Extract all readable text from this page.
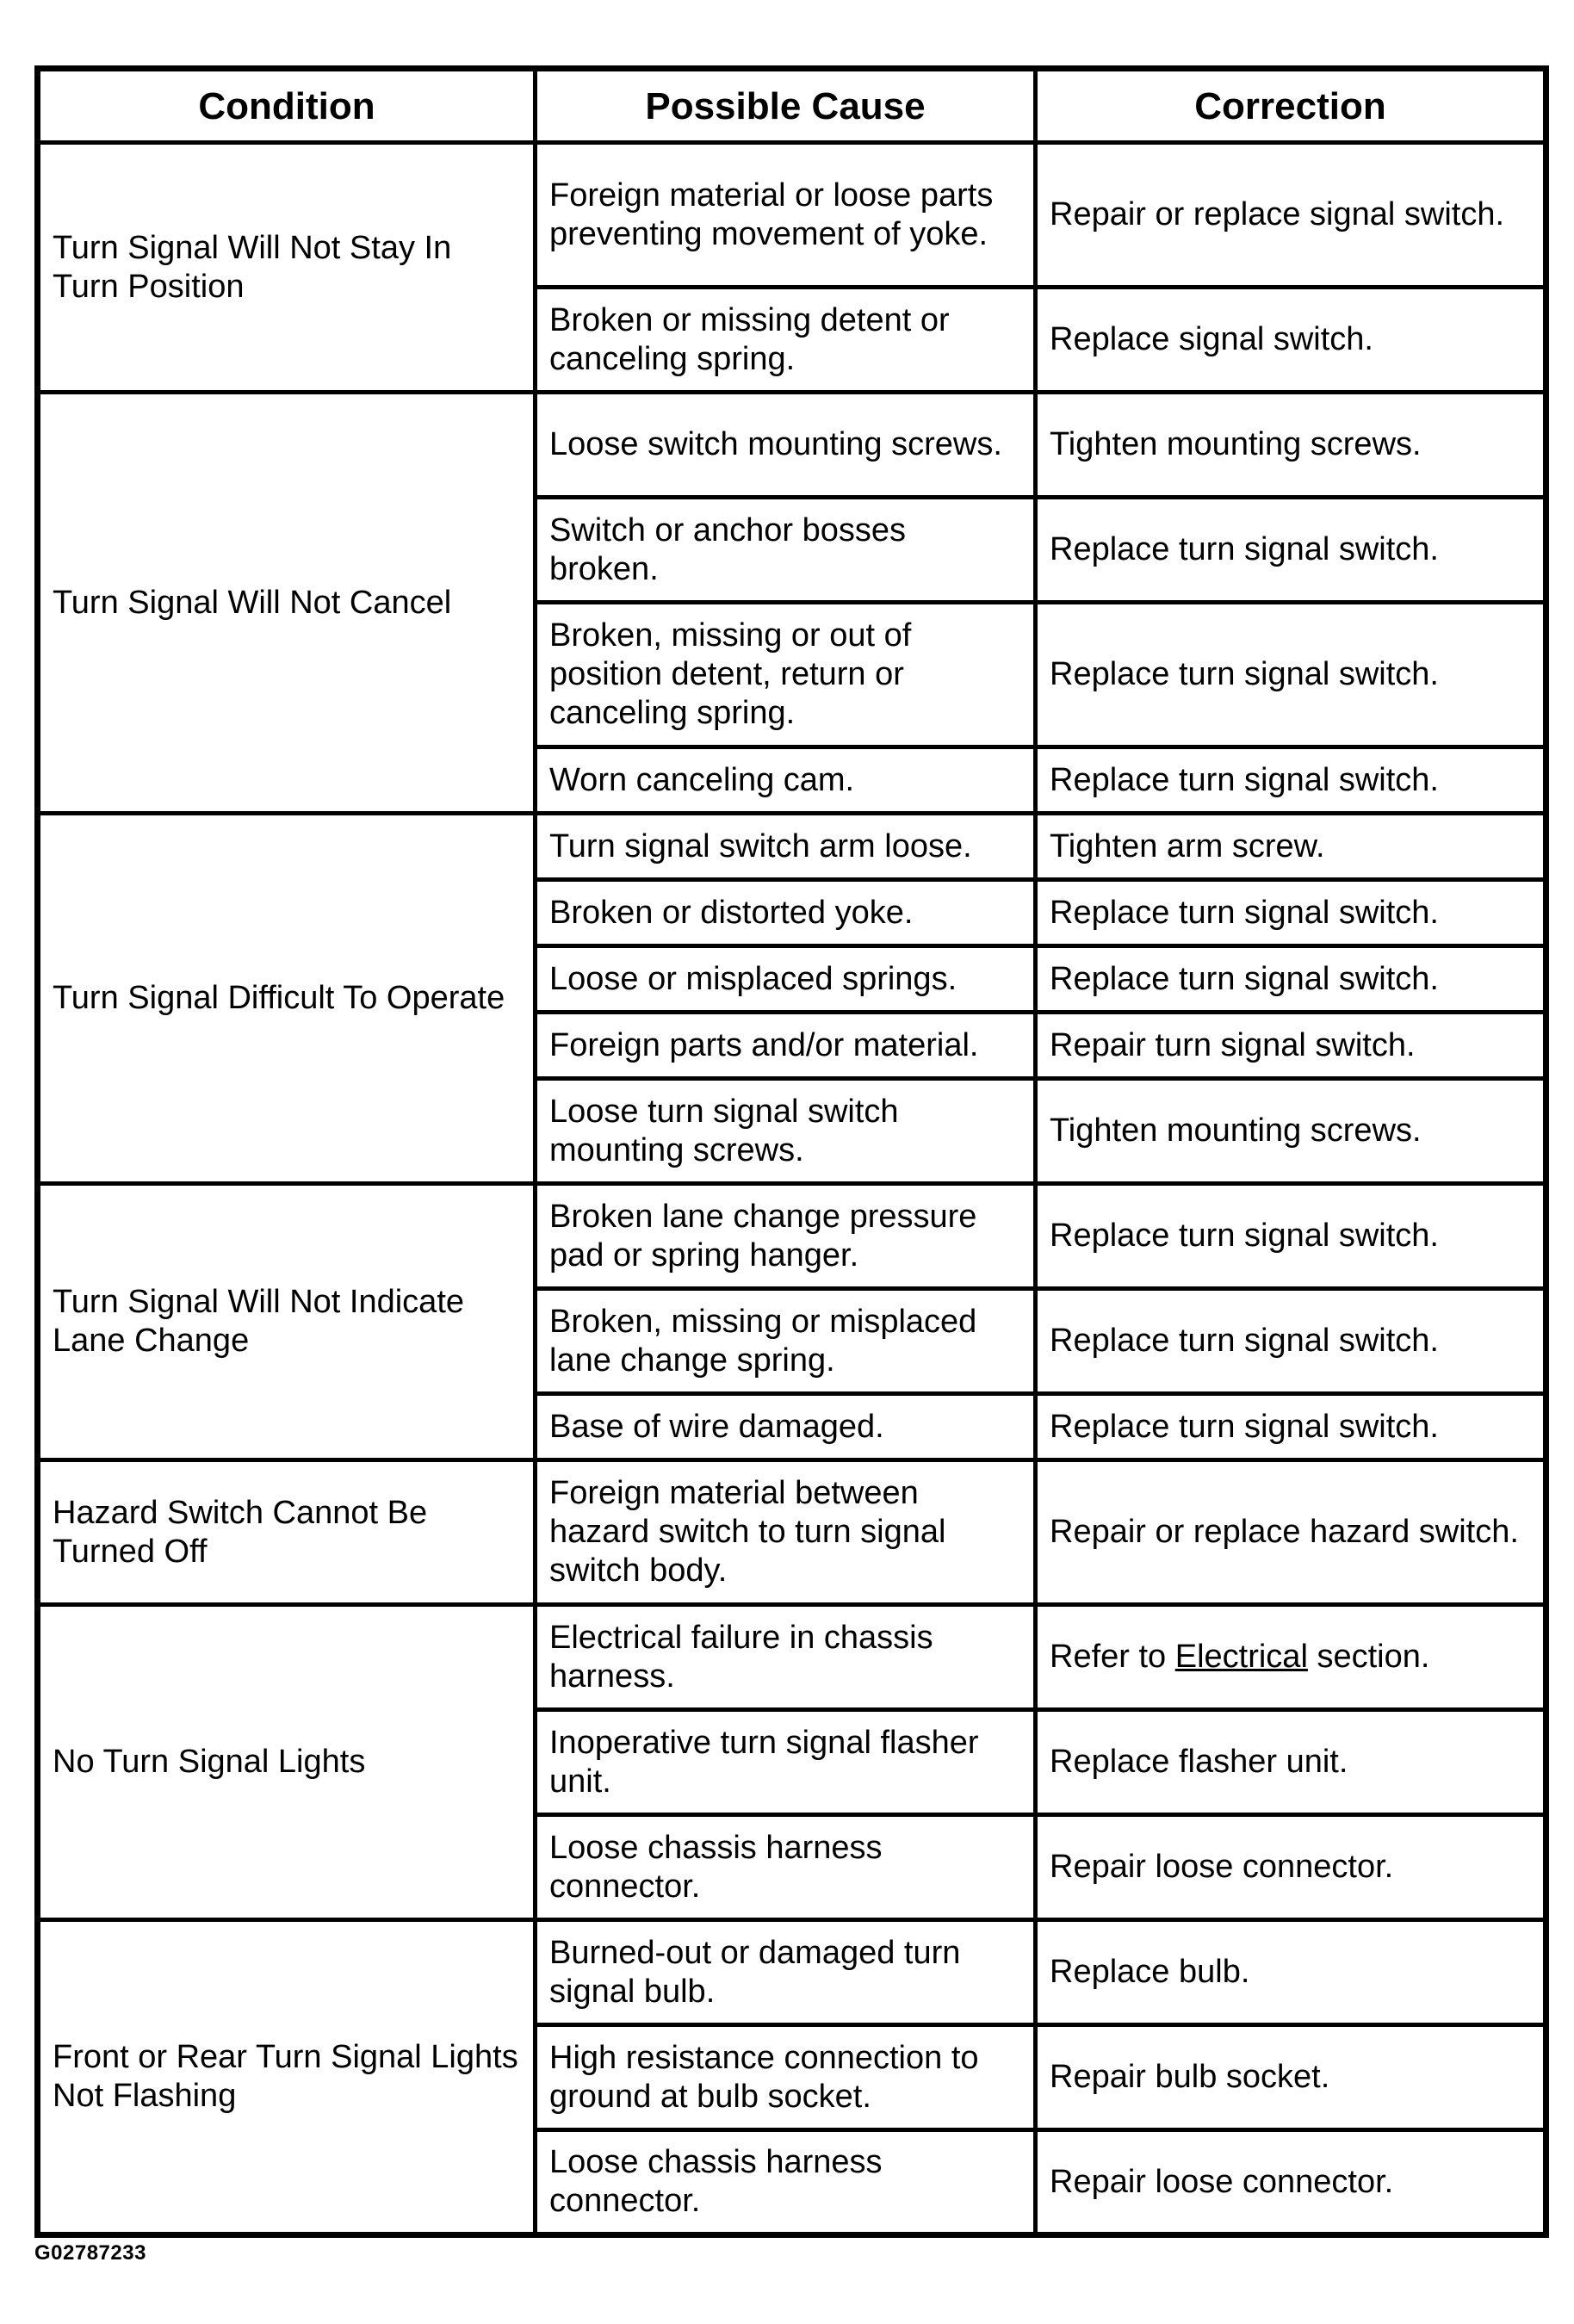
Condition	Possible Cause	Correction
Turn Signal Will Not Stay In Turn Position	Foreign material or loose parts preventing movement of yoke.	Repair or replace signal switch.
	Broken or missing detent or canceling spring.	Replace signal switch.
Turn Signal Will Not Cancel	Loose switch mounting screws.	Tighten mounting screws.
	Switch or anchor bosses broken.	Replace turn signal switch.
	Broken, missing or out of position detent, return or canceling spring.	Replace turn signal switch.
	Worn canceling cam.	Replace turn signal switch.
Turn Signal Difficult To Operate	Turn signal switch arm loose.	Tighten arm screw.
	Broken or distorted yoke.	Replace turn signal switch.
	Loose or misplaced springs.	Replace turn signal switch.
	Foreign parts and/or material.	Repair turn signal switch.
	Loose turn signal switch mounting screws.	Tighten mounting screws.
Turn Signal Will Not Indicate Lane Change	Broken lane change pressure pad or spring hanger.	Replace turn signal switch.
	Broken, missing or misplaced lane change spring.	Replace turn signal switch.
	Base of wire damaged.	Replace turn signal switch.
Hazard Switch Cannot Be Turned Off	Foreign material between hazard switch to turn signal switch body.	Repair or replace hazard switch.
No Turn Signal Lights	Electrical failure in chassis harness.	Refer to Electrical section.
	Inoperative turn signal flasher unit.	Replace flasher unit.
	Loose chassis harness connector.	Repair loose connector.
Front or Rear Turn Signal Lights Not Flashing	Burned-out or damaged turn signal bulb.	Replace bulb.
	High resistance connection to ground at bulb socket.	Repair bulb socket.
	Loose chassis harness connector.	Repair loose connector.
G02787233
